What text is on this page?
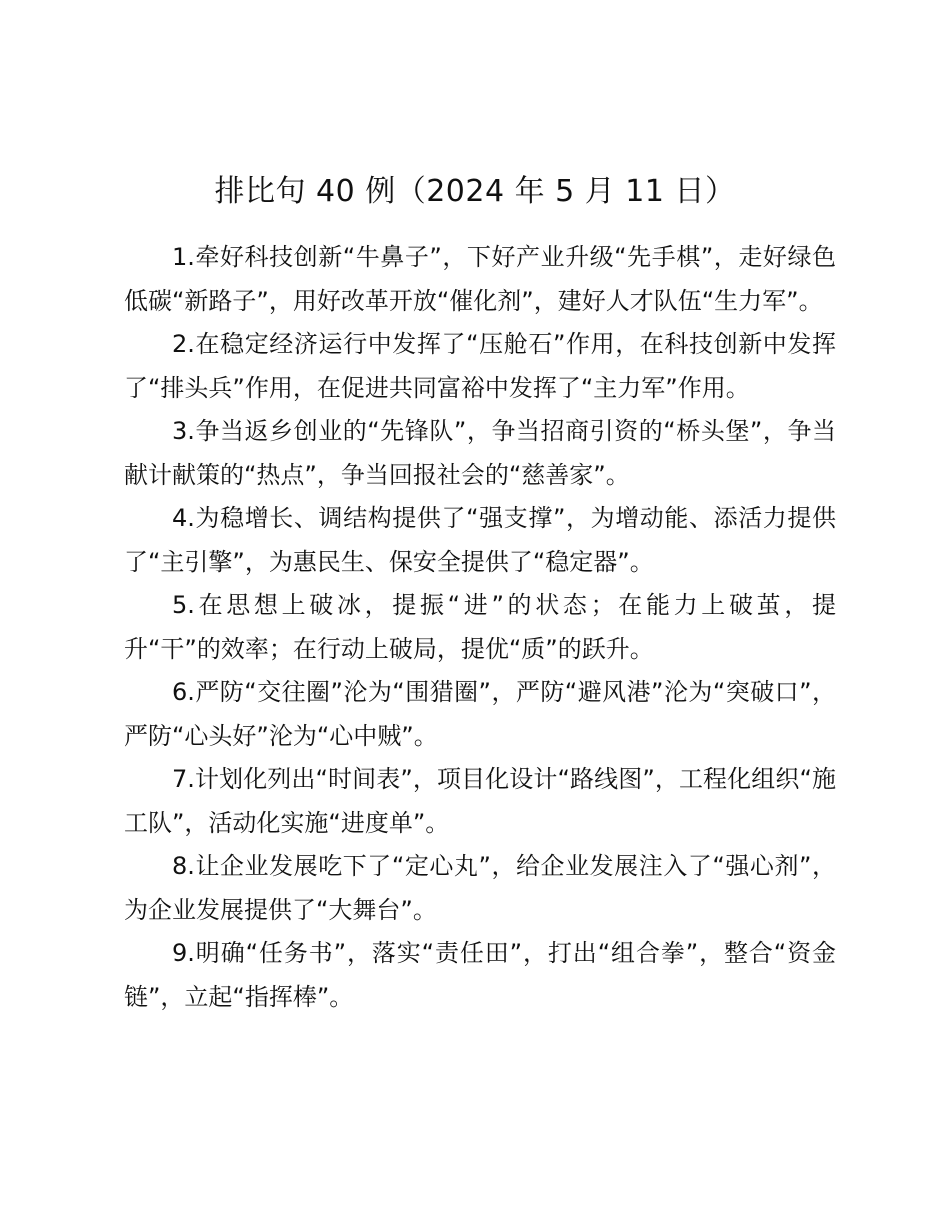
排比句 40 例（2024 年 5 月 11 日）

1.牵好科技创新“牛鼻子”，下好产业升级“先手棋”，走好绿色低碳“新路子”，用好改革开放“催化剂”，建好人才队伍“生力军”。

2.在稳定经济运行中发挥了“压舱石”作用，在科技创新中发挥了“排头兵”作用，在促进共同富裕中发挥了“主力军”作用。

3.争当返乡创业的“先锋队”，争当招商引资的“桥头堡”，争当献计献策的“热点”，争当回报社会的“慈善家”。

4.为稳增长、调结构提供了“强支撑”，为增动能、添活力提供了“主引擎”，为惠民生、保安全提供了“稳定器”。

5.在思想上破冰，提振“进”的状态；在能力上破茧，提升“干”的效率；在行动上破局，提优“质”的跃升。

6.严防“交往圈”沦为“围猎圈”，严防“避风港”沦为“突破口”，严防“心头好”沦为“心中贼”。

7.计划化列出“时间表”，项目化设计“路线图”，工程化组织“施工队”，活动化实施“进度单”。

8.让企业发展吃下了“定心丸”，给企业发展注入了“强心剂”，为企业发展提供了“大舞台”。

9.明确“任务书”，落实“责任田”，打出“组合拳”，整合“资金链”，立起“指挥棒”。
